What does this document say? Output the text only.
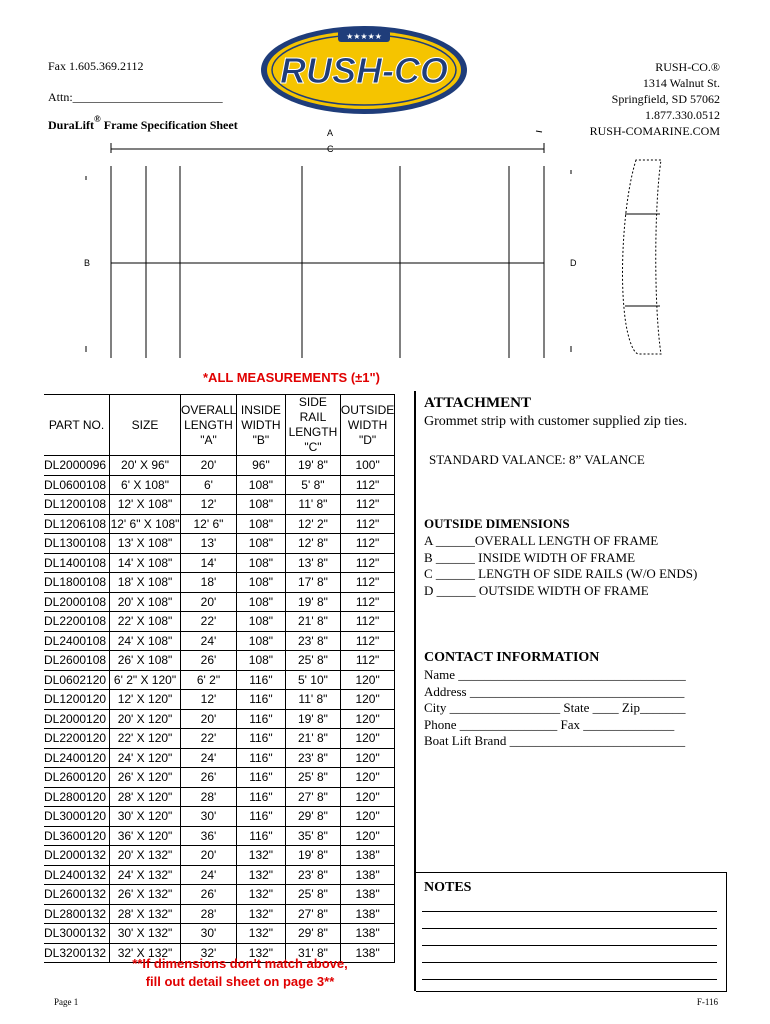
Fax 1.605.369.2112
Attn:_________________________
DuraLift® Frame Specification Sheet
RUSH-CO.®
1314 Walnut St.
Springfield, SD 57062
1.877.330.0512
RUSH-COMARINE.COM
★★★★★
RUSH-CO
A
C
B	D
*ALL MEASUREMENTS (±1")
PART NO.	SIZE	OVERALL LENGTH "A"	INSIDE WIDTH "B"	SIDE RAIL LENGTH "C"	OUTSIDE WIDTH "D"
DL2000096	20' X 96"	20'	96"	19' 8"	100"
DL0600108	6' X 108"	6'	108"	5' 8"	112"
DL1200108	12' X 108"	12'	108"	11' 8"	112"
DL1206108	12' 6" X 108"	12' 6"	108"	12' 2"	112"
DL1300108	13' X 108"	13'	108"	12' 8"	112"
DL1400108	14' X 108"	14'	108"	13' 8"	112"
DL1800108	18' X 108"	18'	108"	17' 8"	112"
DL2000108	20' X 108"	20'	108"	19' 8"	112"
DL2200108	22' X 108"	22'	108"	21' 8"	112"
DL2400108	24' X 108"	24'	108"	23' 8"	112"
DL2600108	26' X 108"	26'	108"	25' 8"	112"
DL0602120	6' 2" X 120"	6' 2"	116"	5' 10"	120"
DL1200120	12' X 120"	12'	116"	11' 8"	120"
DL2000120	20' X 120"	20'	116"	19' 8"	120"
DL2200120	22' X 120"	22'	116"	21' 8"	120"
DL2400120	24' X 120"	24'	116"	23' 8"	120"
DL2600120	26' X 120"	26'	116"	25' 8"	120"
DL2800120	28' X 120"	28'	116"	27' 8"	120"
DL3000120	30' X 120"	30'	116"	29' 8"	120"
DL3600120	36' X 120"	36'	116"	35' 8"	120"
DL2000132	20' X 132"	20'	132"	19' 8"	138"
DL2400132	24' X 132"	24'	132"	23' 8"	138"
DL2600132	26' X 132"	26'	132"	25' 8"	138"
DL2800132	28' X 132"	28'	132"	27' 8"	138"
DL3000132	30' X 132"	30'	132"	29' 8"	138"
DL3200132	32' X 132"	32'	132"	31' 8"	138"
**If dimensions don't match above,
fill out detail sheet on page 3**
ATTACHMENT
Grommet strip with customer supplied zip ties.
STANDARD VALANCE: 8” VALANCE
OUTSIDE DIMENSIONS
A ______OVERALL LENGTH OF FRAME
B ______ INSIDE WIDTH OF FRAME
C ______ LENGTH OF SIDE RAILS (W/O ENDS)
D ______ OUTSIDE WIDTH OF FRAME
CONTACT INFORMATION
Name ___________________________________
Address _________________________________
City _________________ State ____ Zip_______
Phone _______________ Fax ______________
Boat Lift Brand ___________________________
NOTES
Page 1	F-116
